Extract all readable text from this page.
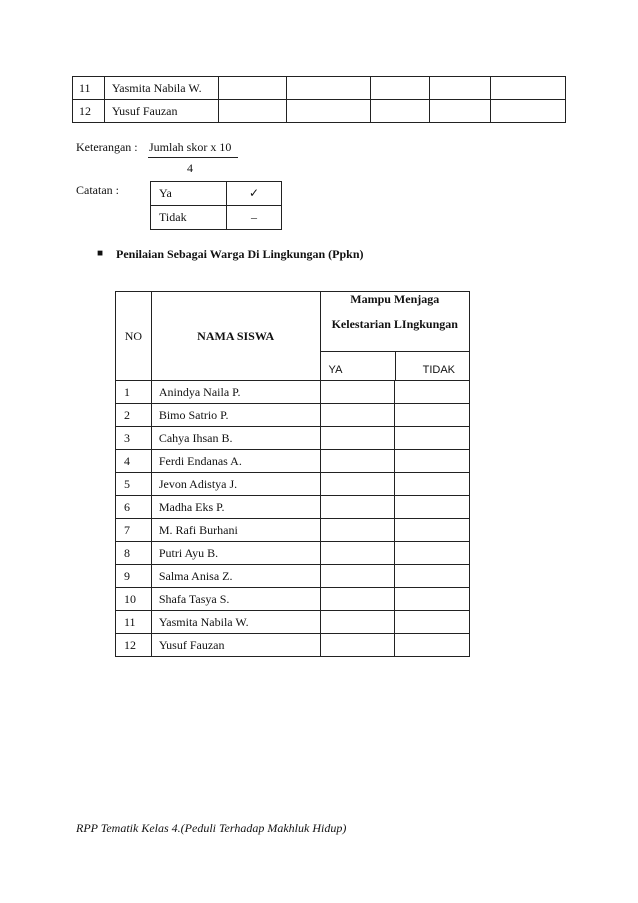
11	Yasmita Nabila W.					
12	Yusuf Fauzan					
Keterangan : Jumlah skor x 10
4
Catatan :	Ya	✓
Tidak	–
■ Penilaian Sebagai Warga Di Lingkungan (Ppkn)
NO	NAMA SISWA	Mampu Menjaga
Kelestarian LIngkungan
YA TIDAK	

1	Anindya Naila P.		
2	Bimo Satrio P.		
3	Cahya Ihsan B.		
4	Ferdi Endanas A.		
5	Jevon Adistya J.		
6	Madha Eks P.		
7	M. Rafi Burhani		
8	Putri Ayu B.		
9	Salma Anisa Z.		
10	Shafa Tasya S.		
11	Yasmita Nabila W.		
12	Yusuf Fauzan		
RPP Tematik Kelas 4.(Peduli Terhadap Makhluk Hidup)
